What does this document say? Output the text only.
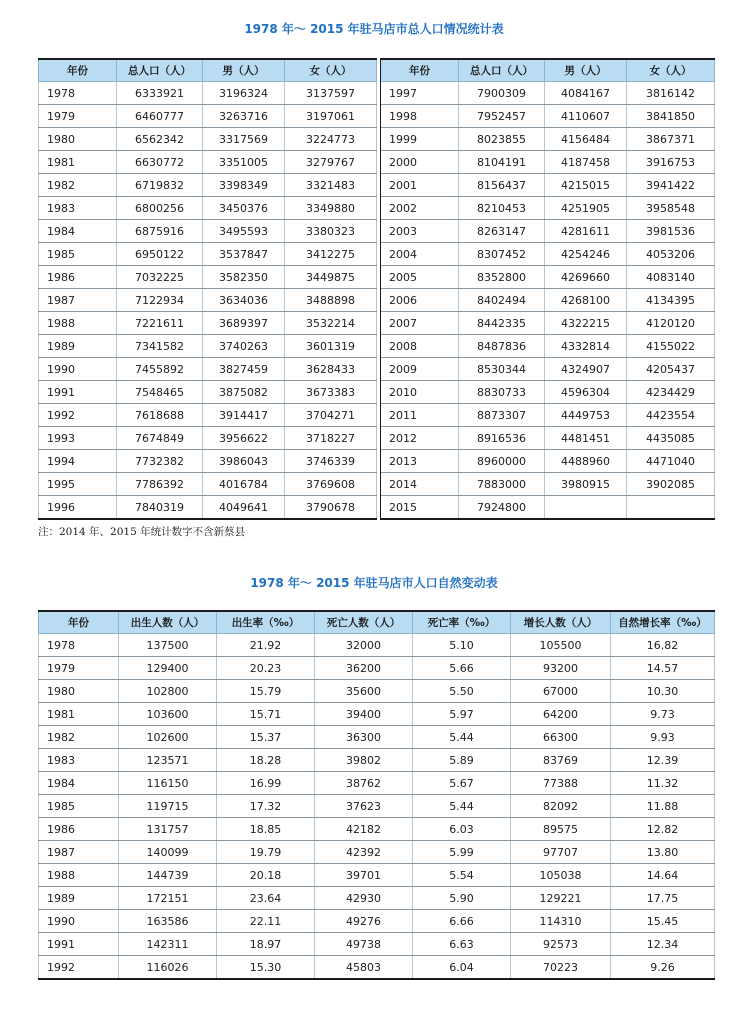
1978 年～ 2015 年驻马店市总人口情况统计表
年份	总人口（人）	男（人）	女（人）		年份	总人口（人）	男（人）	女（人）
1978	6333921	3196324	3137597		1997	7900309	4084167	3816142
1979	6460777	3263716	3197061		1998	7952457	4110607	3841850
1980	6562342	3317569	3224773		1999	8023855	4156484	3867371
1981	6630772	3351005	3279767		2000	8104191	4187458	3916753
1982	6719832	3398349	3321483		2001	8156437	4215015	3941422
1983	6800256	3450376	3349880		2002	8210453	4251905	3958548
1984	6875916	3495593	3380323		2003	8263147	4281611	3981536
1985	6950122	3537847	3412275		2004	8307452	4254246	4053206
1986	7032225	3582350	3449875		2005	8352800	4269660	4083140
1987	7122934	3634036	3488898		2006	8402494	4268100	4134395
1988	7221611	3689397	3532214		2007	8442335	4322215	4120120
1989	7341582	3740263	3601319		2008	8487836	4332814	4155022
1990	7455892	3827459	3628433		2009	8530344	4324907	4205437
1991	7548465	3875082	3673383		2010	8830733	4596304	4234429
1992	7618688	3914417	3704271		2011	8873307	4449753	4423554
1993	7674849	3956622	3718227		2012	8916536	4481451	4435085
1994	7732382	3986043	3746339		2013	8960000	4488960	4471040
1995	7786392	4016784	3769608		2014	7883000	3980915	3902085
1996	7840319	4049641	3790678		2015	7924800		
注：2014 年、2015 年统计数字不含新蔡县
1978 年～ 2015 年驻马店市人口自然变动表
年份	出生人数（人）	出生率（‰）	死亡人数（人）	死亡率（‰）	增长人数（人）	自然增长率（‰）
1978	137500	21.92	32000	5.10	105500	16.82
1979	129400	20.23	36200	5.66	93200	14.57
1980	102800	15.79	35600	5.50	67000	10.30
1981	103600	15.71	39400	5.97	64200	9.73
1982	102600	15.37	36300	5.44	66300	9.93
1983	123571	18.28	39802	5.89	83769	12.39
1984	116150	16.99	38762	5.67	77388	11.32
1985	119715	17.32	37623	5.44	82092	11.88
1986	131757	18.85	42182	6.03	89575	12.82
1987	140099	19.79	42392	5.99	97707	13.80
1988	144739	20.18	39701	5.54	105038	14.64
1989	172151	23.64	42930	5.90	129221	17.75
1990	163586	22.11	49276	6.66	114310	15.45
1991	142311	18.97	49738	6.63	92573	12.34
1992	116026	15.30	45803	6.04	70223	9.26
